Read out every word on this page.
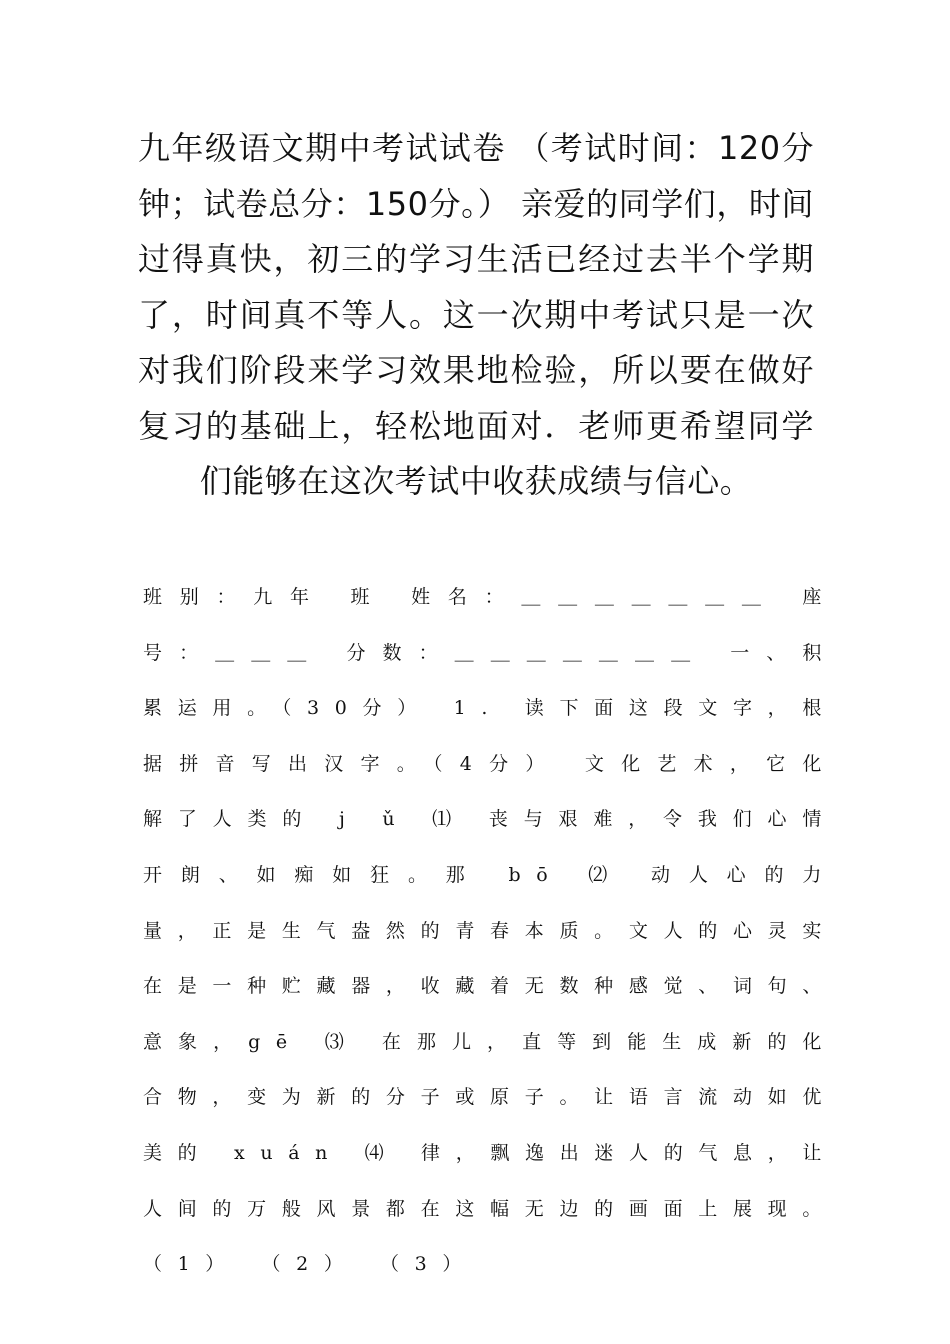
九年级语文期中考试试卷 （考试时间：120分钟；试卷总分：150分。） 亲爱的同学们，时间过得真快，初三的学习生活已经过去半个学期了，时间真不等人。这一次期中考试只是一次对我们阶段来学习效果地检验，所以要在做好复习的基础上，轻松地面对．老师更希望同学们能够在这次考试中收获成绩与信心。

班别：九年 班 姓名：＿＿＿＿＿＿＿ 座号：＿＿＿ 分数：＿＿＿＿＿＿＿ 一、积累运用。（30分） 1. 读下面这段文字，根据拼音写出汉字。（4分） 文化艺术，它化解了人类的 j ǔ ⑴ 丧与艰难，令我们心情开朗、如痴如狂。那 bō ⑵ 动人心的力量，正是生气盎然的青春本质。文人的心灵实在是一种贮藏器，收藏着无数种感觉、词句、意象，gē ⑶ 在那儿，直等到能生成新的化合物，变为新的分子或原子。让语言流动如优美的 xuán ⑷ 律，飘逸出迷人的气息，让人间的万般风景都在这幅无边的画面上展现。 （1） （2） （3）
